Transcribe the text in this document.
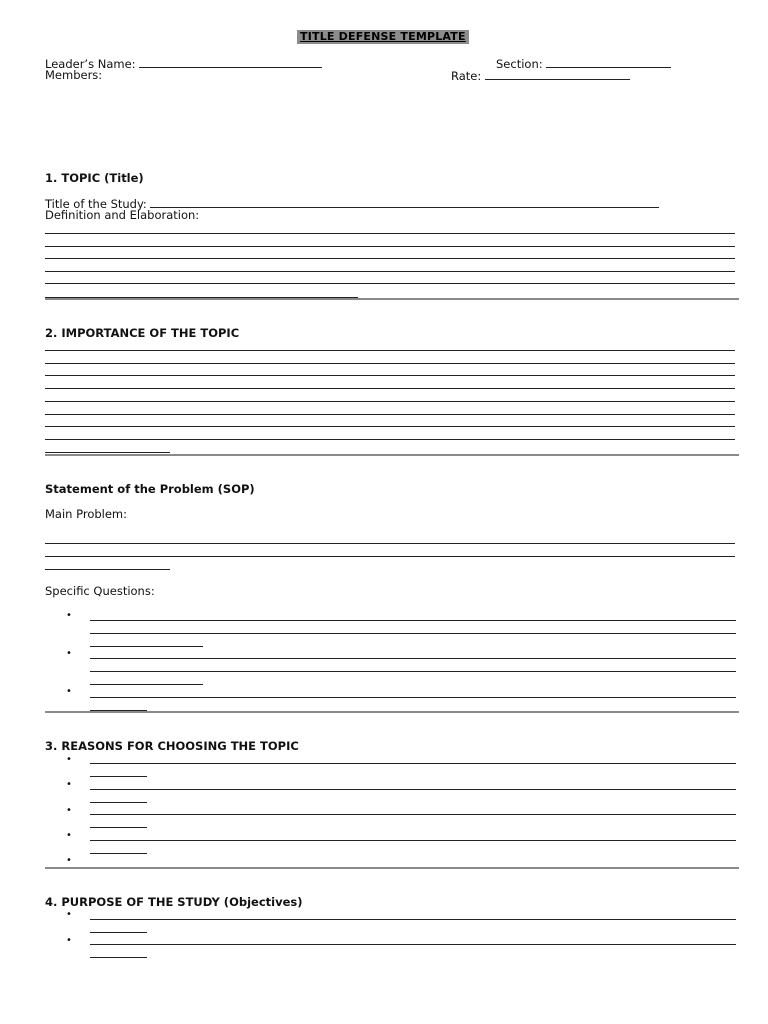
TITLE DEFENSE TEMPLATE
Leader’s Name:	Section:
Members:	Rate:
1. TOPIC (Title)
Title of the Study:
Definition and Elaboration:
2. IMPORTANCE OF THE TOPIC
Statement of the Problem (SOP)
Main Problem:
Specific Questions:
•
•
•
3. REASONS FOR CHOOSING THE TOPIC
•
•
•
•
•
4. PURPOSE OF THE STUDY (Objectives)
•
•
